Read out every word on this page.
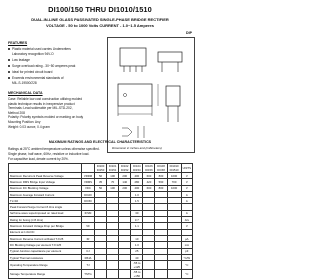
DI100/150 THRU DI1010/1510
DUAL-IN-LINE GLASS PASSIVATED SINGLE-PHASE BRIDGE RECTIFIER
VOLTAGE - 50 to 1000 Volts CURRENT - 1.0~1.5 Amperes
FEATURES
Plastic material used carries Underwriters
Laboratory recognition 94V-O
Low leakage
Surge overload rating - 30~50 amperes peak
Ideal for printed circuit board
Exceeds environmental standards of
MIL-S-19500/228
MECHANICAL DATA
Case: Reliable low cost construction utilizing molded
plastic technique results in inexpensive product
Terminals: Lead solderable per MIL-STD-202,
Method 208
Polarity: Polarity symbols molded or marking on body
Mounting Position: Any
Weight: 0.03 ounce, 0.4 gram
DIP
Dimension in inches and (millimeters)
MAXIMUM RATINGS AND ELECTRICAL CHARACTERISTICS
Ratings at 25°C ambient temperature unless otherwise specified.
Single phase, half wave, 60Hz, resistive or inductive load.
For capacitive load, derate current by 20%.
		DI100 DI150	DI101 DI151	DI102 DI152	DI104 DI154	DI106 DI156	DI108 DI158	DI1010 DI1510	UNITS
Maximum Recurrent Peak Reverse Voltage	VRRM	50	100	200	400	600	800	1000	V
Maximum RMS Bridge Input Voltage	VRMS	35	70	140	280	420	560	700	V
Maximum DC Blocking Voltage	VDC	50	100	200	400	600	800	1000	V
Maximum Average Forward Current	DI100				1.0				A
TL=40	DI150				1.5				A
Peak Forward Surge Current 8.3ms single									
half sine-wave superimposed on rated load	IFSM				30				A
Rating for fusing (t<8.3ms)					3.7				A²s
Maximum Forward Voltage Drop per Bridge	VF				1.1				V
Element at 1.0A DC									
Maximum Reverse Current at Rated TJ=25	IR				10				μA
DC Blocking Voltage per element TJ=125					1.0				mA
Typical Junction capacitance per element	CJ				25				pF
Typical Thermal resistance	RθJA				40				°C/W
Operating Temperature Range	TJ				-55 to +125				°C
Storage Temperature Range	TSTG				-55 to +150				°C
